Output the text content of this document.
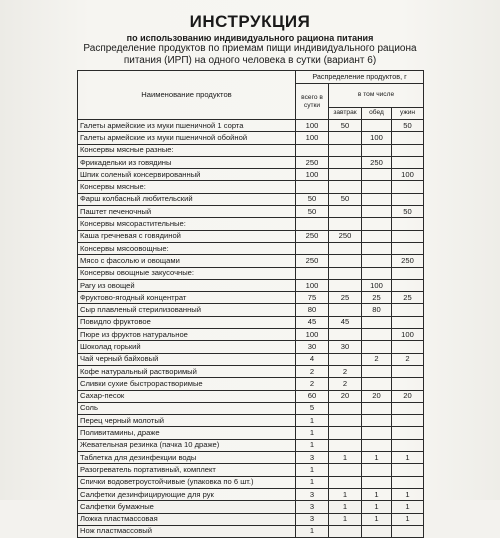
ИНСТРУКЦИЯ
по использованию индивидуального рациона питания
Распределение продуктов по приемам пищи индивидуального рациона
питания (ИРП) на одного человека в сутки (вариант 6)
Наименование продуктов	Распределение продуктов, г			
	всего в сутки	в том числе		
		завтрак	обед	ужин
Галеты армейские из муки пшеничной 1 сорта	100	50		50
Галеты армейские из муки пшеничной обойной	100		100	
Консервы мясные разные:				
Фрикадельки из говядины	250		250	
Шпик соленый консервированный	100			100
Консервы мясные:				
Фарш колбасный любительский	50	50		
Паштет печеночный	50			50
Консервы мясорастительные:				
Каша гречневая с говядиной	250	250		
Консервы мясоовощные:				
Мясо с фасолью и овощами	250			250
Консервы овощные закусочные:				
Рагу из овощей	100		100	
Фруктово-ягодный концентрат	75	25	25	25
Сыр плавленый стерилизованный	80		80	
Повидло фруктовое	45	45		
Пюре из фруктов натуральное	100			100
Шоколад горький	30	30		
Чай черный байховый	4		2	2
Кофе натуральный растворимый	2	2		
Сливки сухие быстрорастворимые	2	2		
Сахар-песок	60	20	20	20
Соль	5			
Перец черный молотый	1			
Поливитамины, драже	1			
Жевательная резинка (пачка 10 драже)	1			
Таблетка для дезинфекции воды	3	1	1	1
Разогреватель портативный, комплект	1			
Спички водоветроустойчивые (упаковка по 6 шт.)	1			
Салфетки дезинфицирующие для рук	3	1	1	1
Салфетки бумажные	3	1	1	1
Ложка пластмассовая	3	1	1	1
Нож пластмассовый	1			
